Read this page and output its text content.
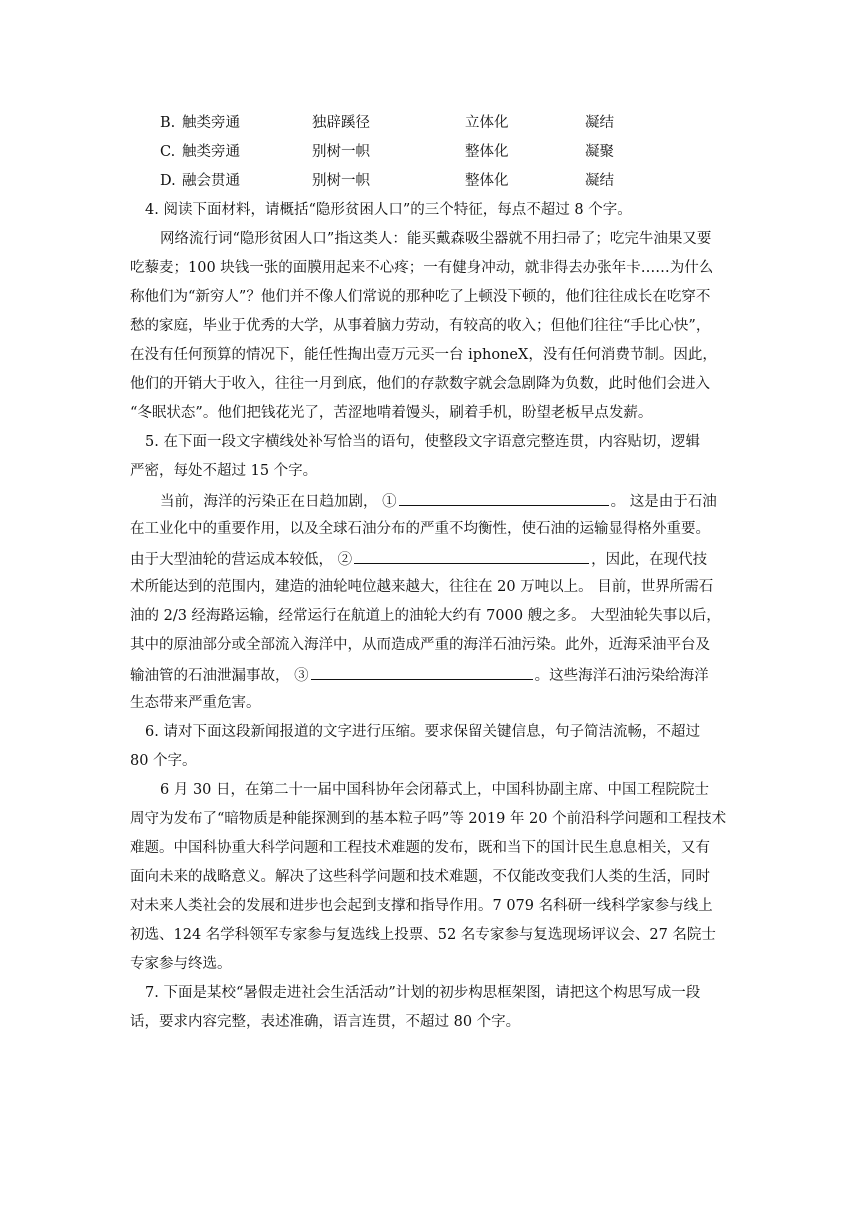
B. 触类旁通	独辟蹊径	立体化	凝结
C. 触类旁通	别树一帜	整体化	凝聚
D. 融会贯通	别树一帜	整体化	凝结
4. 阅读下面材料，请概括“隐形贫困人口”的三个特征，每点不超过 8 个字。
网络流行词“隐形贫困人口”指这类人：能买戴森吸尘器就不用扫帚了；吃完牛油果又要
吃藜麦；100 块钱一张的面膜用起来不心疼；一有健身冲动，就非得去办张年卡……为什么
称他们为“新穷人”？他们并不像人们常说的那种吃了上顿没下顿的，他们往往成长在吃穿不
愁的家庭，毕业于优秀的大学，从事着脑力劳动，有较高的收入；但他们往往“手比心快”，
在没有任何预算的情况下，能任性掏出壹万元买一台 iphoneX，没有任何消费节制。因此，
他们的开销大于收入，往往一月到底，他们的存款数字就会急剧降为负数，此时他们会进入
“冬眠状态”。他们把钱花光了，苦涩地啃着馒头，刷着手机，盼望老板早点发薪。
5. 在下面一段文字横线处补写恰当的语句，使整段文字语意完整连贯，内容贴切，逻辑
严密，每处不超过 15 个字。
当前，海洋的污染正在日趋加剧， ①	。 这是由于石油
在工业化中的重要作用，以及全球石油分布的严重不均衡性，使石油的运输显得格外重要。
由于大型油轮的营运成本较低， ②	，因此，在现代技
术所能达到的范围内，建造的油轮吨位越来越大，往往在 20 万吨以上。 目前，世界所需石
油的 2/3 经海路运输，经常运行在航道上的油轮大约有 7000 艘之多。 大型油轮失事以后，
其中的原油部分或全部流入海洋中，从而造成严重的海洋石油污染。此外，近海采油平台及
输油管的石油泄漏事故， ③	。这些海洋石油污染给海洋
生态带来严重危害。
6. 请对下面这段新闻报道的文字进行压缩。要求保留关键信息，句子简洁流畅，不超过
80 个字。
6 月 30 日，在第二十一届中国科协年会闭幕式上，中国科协副主席、中国工程院院士
周守为发布了“暗物质是种能探测到的基本粒子吗”等 2019 年 20 个前沿科学问题和工程技术
难题。中国科协重大科学问题和工程技术难题的发布，既和当下的国计民生息息相关，又有
面向未来的战略意义。解决了这些科学问题和技术难题，不仅能改变我们人类的生活，同时
对未来人类社会的发展和进步也会起到支撑和指导作用。7 079 名科研一线科学家参与线上
初选、124 名学科领军专家参与复选线上投票、52 名专家参与复选现场评议会、27 名院士
专家参与终选。
7. 下面是某校“暑假走进社会生活活动”计划的初步构思框架图，请把这个构思写成一段
话，要求内容完整，表述准确，语言连贯，不超过 80 个字。
